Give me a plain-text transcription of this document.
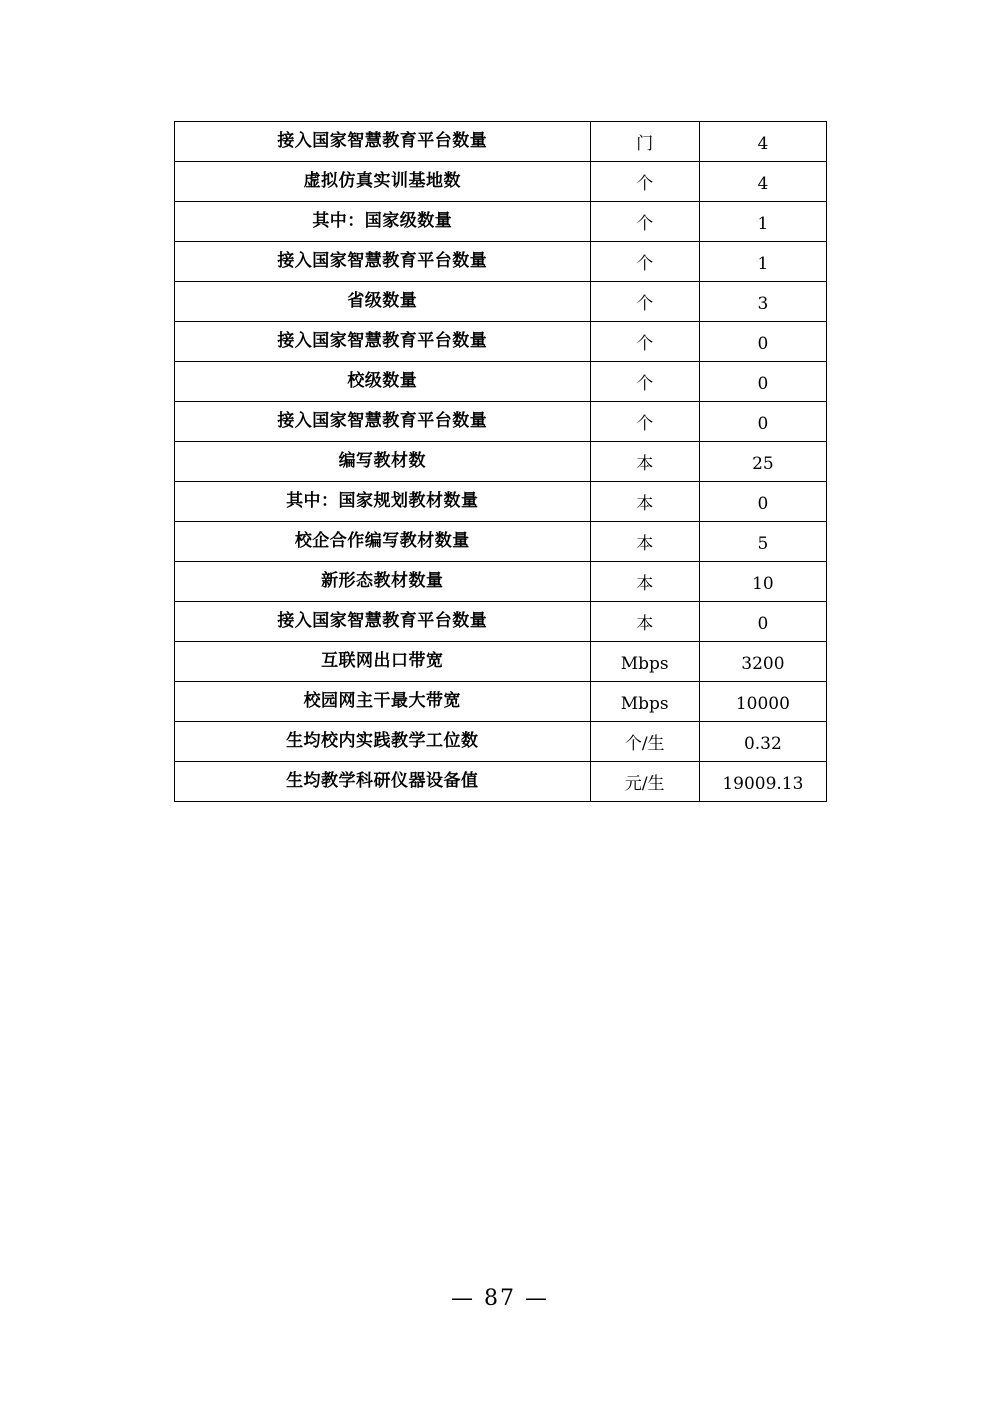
接入国家智慧教育平台数量	门	4
虚拟仿真实训基地数	个	4
其中：国家级数量	个	1
接入国家智慧教育平台数量	个	1
省级数量	个	3
接入国家智慧教育平台数量	个	0
校级数量	个	0
接入国家智慧教育平台数量	个	0
编写教材数	本	25
其中：国家规划教材数量	本	0
校企合作编写教材数量	本	5
新形态教材数量	本	10
接入国家智慧教育平台数量	本	0
互联网出口带宽	Mbps	3200
校园网主干最大带宽	Mbps	10000
生均校内实践教学工位数	个/生	0.32
生均教学科研仪器设备值	元/生	19009.13
— 87 —
